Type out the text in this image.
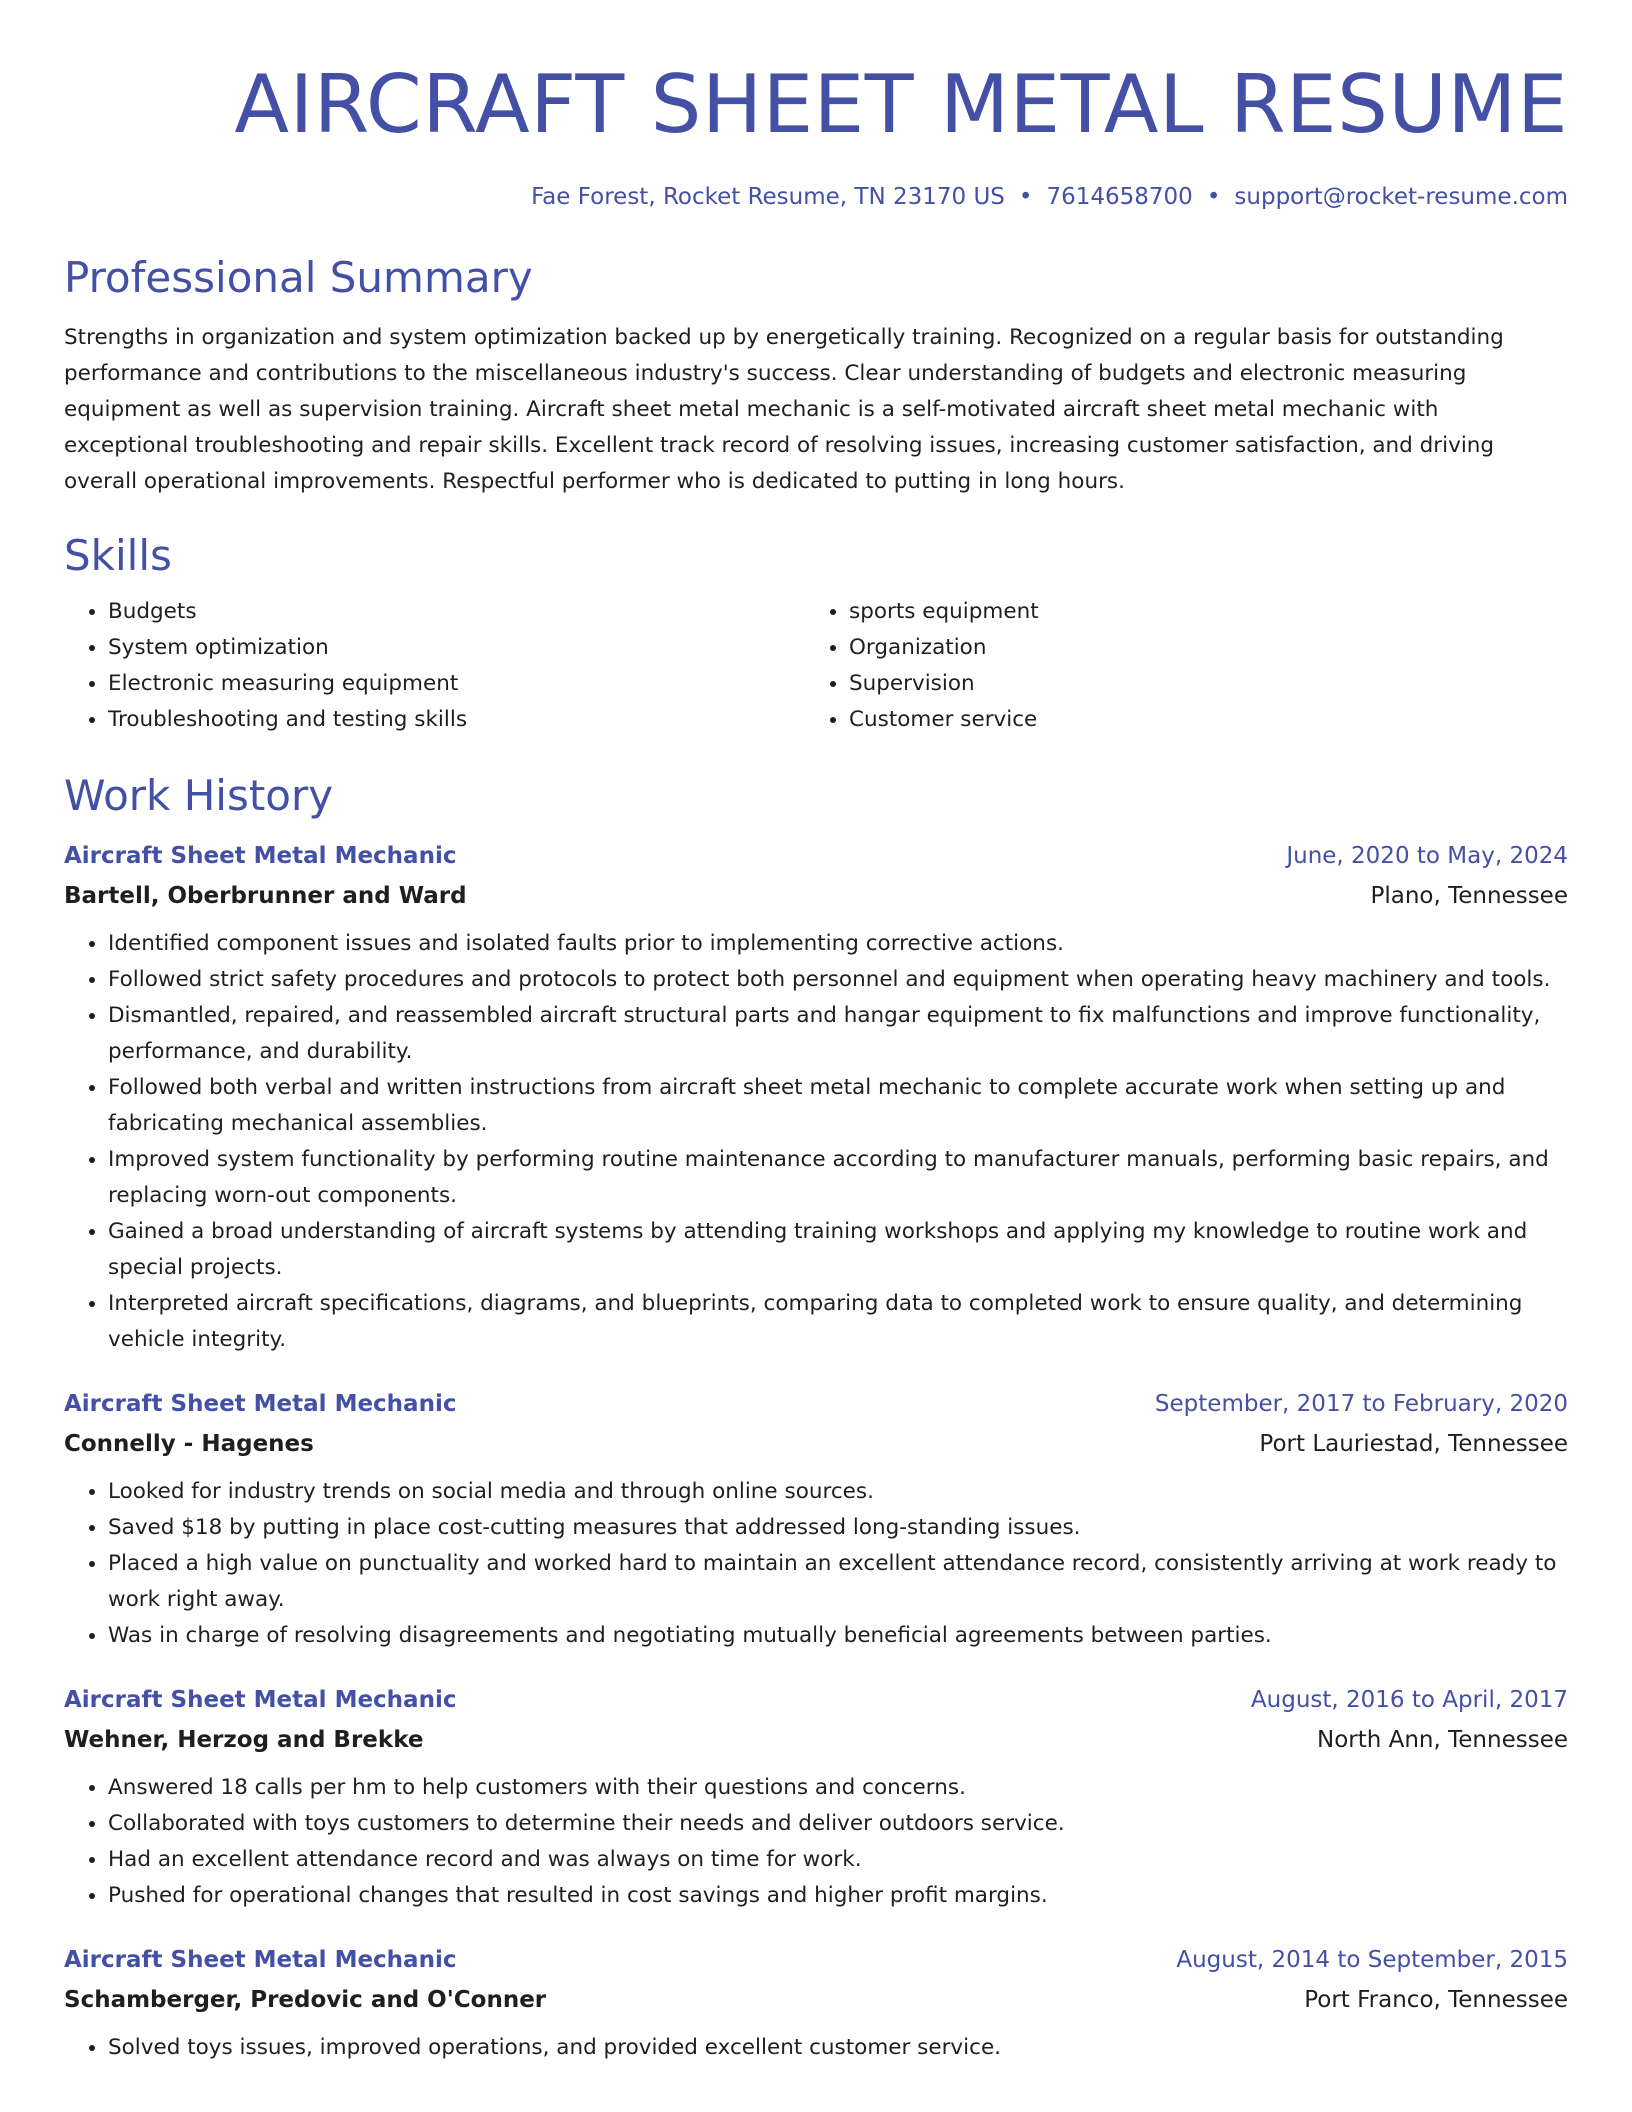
AIRCRAFT SHEET METAL RESUME
Fae Forest, Rocket Resume, TN 23170 US • 7614658700 • support@rocket-resume.com
Professional Summary

Strengths in organization and system optimization backed up by energetically training. Recognized on a regular basis for outstanding performance and contributions to the miscellaneous industry's success. Clear understanding of budgets and electronic measuring equipment as well as supervision training. Aircraft sheet metal mechanic is a self-motivated aircraft sheet metal mechanic with exceptional troubleshooting and repair skills. Excellent track record of resolving issues, increasing customer satisfaction, and driving overall operational improvements. Respectful performer who is dedicated to putting in long hours.

Skills
• Budgets
• System optimization
• Electronic measuring equipment
• Troubleshooting and testing skills
• sports equipment
• Organization
• Supervision
• Customer service
Work History
Aircraft Sheet Metal Mechanic	June, 2020 to May, 2024
Bartell, Oberbrunner and Ward	Plano, Tennessee
• Identified component issues and isolated faults prior to implementing corrective actions.
• Followed strict safety procedures and protocols to protect both personnel and equipment when operating heavy machinery and tools.
• Dismantled, repaired, and reassembled aircraft structural parts and hangar equipment to fix malfunctions and improve functionality, performance, and durability.
• Followed both verbal and written instructions from aircraft sheet metal mechanic to complete accurate work when setting up and fabricating mechanical assemblies.
• Improved system functionality by performing routine maintenance according to manufacturer manuals, performing basic repairs, and replacing worn-out components.
• Gained a broad understanding of aircraft systems by attending training workshops and applying my knowledge to routine work and special projects.
• Interpreted aircraft specifications, diagrams, and blueprints, comparing data to completed work to ensure quality, and determining vehicle integrity.
Aircraft Sheet Metal Mechanic	September, 2017 to February, 2020
Connelly - Hagenes	Port Lauriestad, Tennessee
• Looked for industry trends on social media and through online sources.
• Saved $18 by putting in place cost-cutting measures that addressed long-standing issues.
• Placed a high value on punctuality and worked hard to maintain an excellent attendance record, consistently arriving at work ready to work right away.
• Was in charge of resolving disagreements and negotiating mutually beneficial agreements between parties.
Aircraft Sheet Metal Mechanic	August, 2016 to April, 2017
Wehner, Herzog and Brekke	North Ann, Tennessee
• Answered 18 calls per hm to help customers with their questions and concerns.
• Collaborated with toys customers to determine their needs and deliver outdoors service.
• Had an excellent attendance record and was always on time for work.
• Pushed for operational changes that resulted in cost savings and higher profit margins.
Aircraft Sheet Metal Mechanic	August, 2014 to September, 2015
Schamberger, Predovic and O'Conner	Port Franco, Tennessee
• Solved toys issues, improved operations, and provided excellent customer service.
